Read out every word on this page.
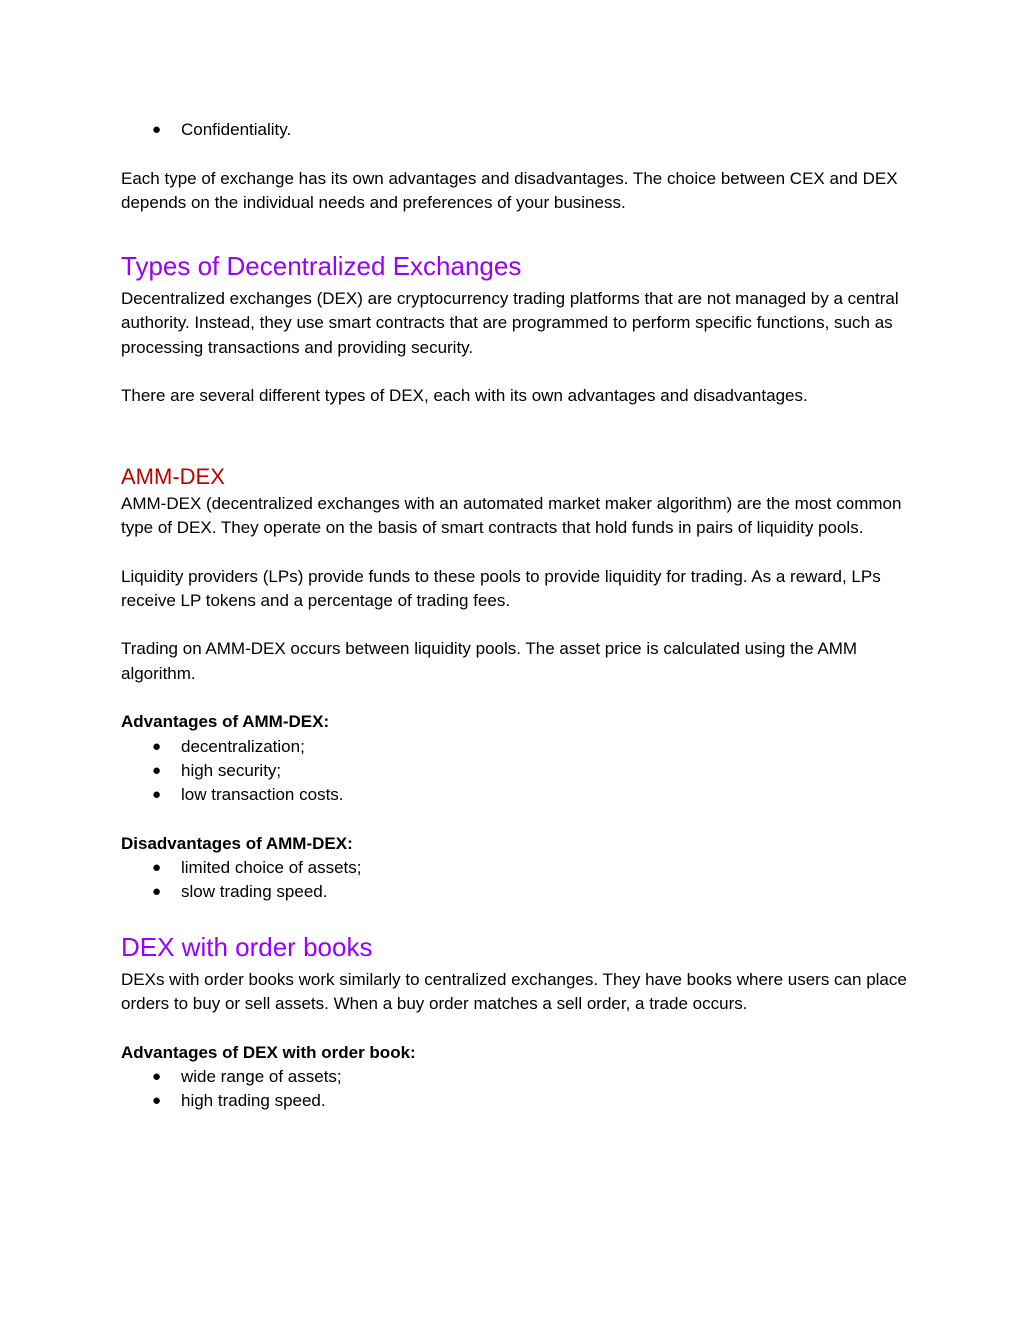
● Confidentiality.

Each type of exchange has its own advantages and disadvantages. The choice between CEX and DEX depends on the individual needs and preferences of your business.

Types of Decentralized Exchanges

Decentralized exchanges (DEX) are cryptocurrency trading platforms that are not managed by a central authority. Instead, they use smart contracts that are programmed to perform specific functions, such as processing transactions and providing security.

There are several different types of DEX, each with its own advantages and disadvantages.

AMM-DEX

AMM-DEX (decentralized exchanges with an automated market maker algorithm) are the most common type of DEX. They operate on the basis of smart contracts that hold funds in pairs of liquidity pools.

Liquidity providers (LPs) provide funds to these pools to provide liquidity for trading. As a reward, LPs receive LP tokens and a percentage of trading fees.

Trading on AMM-DEX occurs between liquidity pools. The asset price is calculated using the AMM algorithm.

Advantages of AMM-DEX:

● decentralization;
● high security;
● low transaction costs.

Disadvantages of AMM-DEX:

● limited choice of assets;
● slow trading speed.
DEX with order books

DEXs with order books work similarly to centralized exchanges. They have books where users can place orders to buy or sell assets. When a buy order matches a sell order, a trade occurs.

Advantages of DEX with order book:

● wide range of assets;
● high trading speed.
